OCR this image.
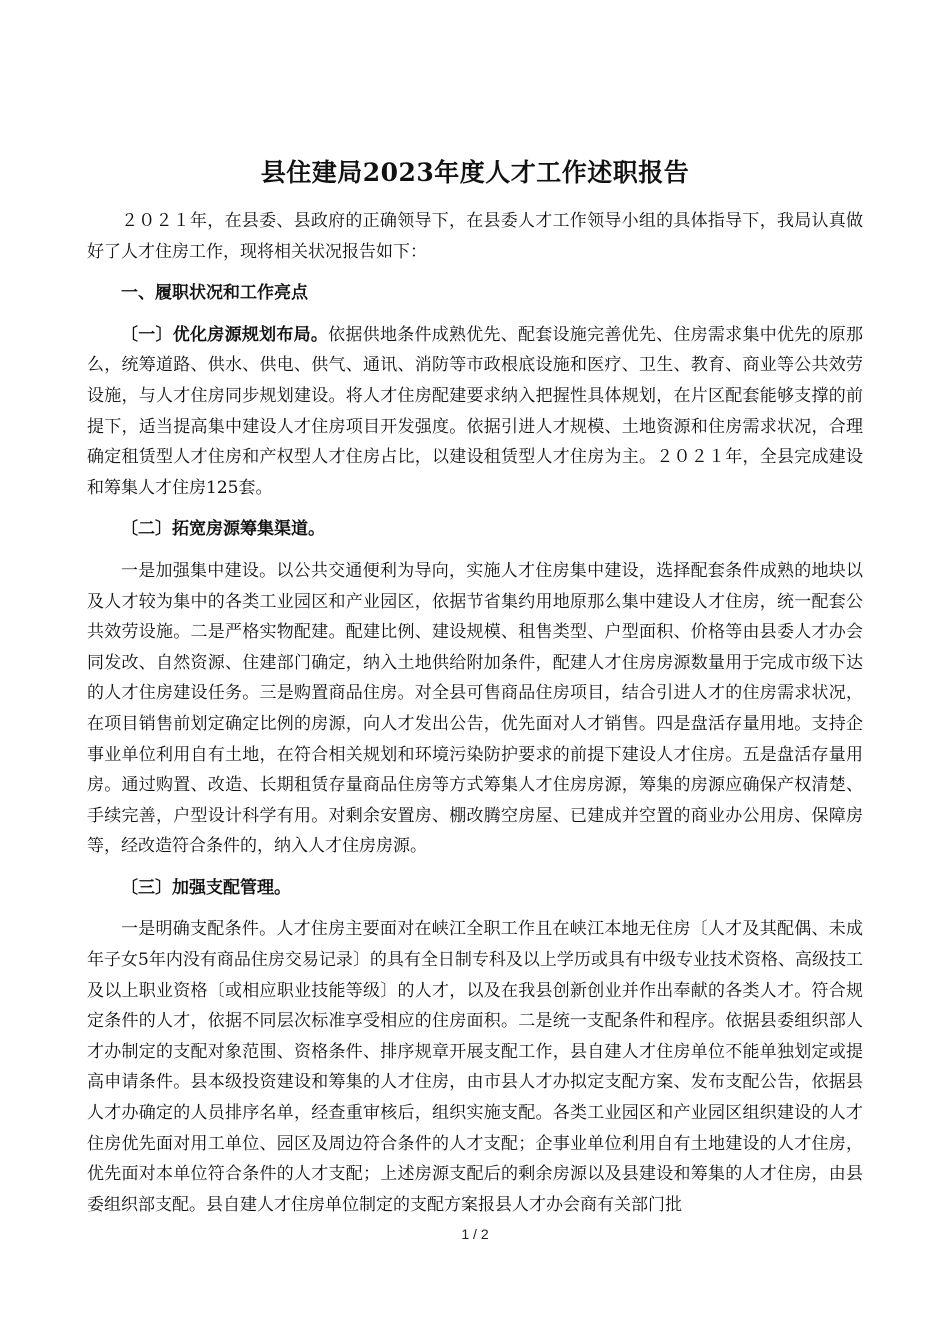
县住建局2023年度人才工作述职报告

２０２１年，在县委、县政府的正确领导下，在县委人才工作领导小组的具体指导下，我局认真做好了人才住房工作，现将相关状况报告如下：

一、履职状况和工作亮点

〔一〕优化房源规划布局。依据供地条件成熟优先、配套设施完善优先、住房需求集中优先的原那么，统筹道路、供水、供电、供气、通讯、消防等市政根底设施和医疗、卫生、教育、商业等公共效劳设施，与人才住房同步规划建设。将人才住房配建要求纳入把握性具体规划，在片区配套能够支撑的前提下，适当提高集中建设人才住房项目开发强度。依据引进人才规模、土地资源和住房需求状况，合理确定租赁型人才住房和产权型人才住房占比，以建设租赁型人才住房为主。２０２１年，全县完成建设和筹集人才住房125套。

〔二〕拓宽房源筹集渠道。

一是加强集中建设。以公共交通便利为导向，实施人才住房集中建设，选择配套条件成熟的地块以及人才较为集中的各类工业园区和产业园区，依据节省集约用地原那么集中建设人才住房，统一配套公共效劳设施。二是严格实物配建。配建比例、建设规模、租售类型、户型面积、价格等由县委人才办会同发改、自然资源、住建部门确定，纳入土地供给附加条件，配建人才住房房源数量用于完成市级下达的人才住房建设任务。三是购置商品住房。对全县可售商品住房项目，结合引进人才的住房需求状况，在项目销售前划定确定比例的房源，向人才发出公告，优先面对人才销售。四是盘活存量用地。支持企事业单位利用自有土地，在符合相关规划和环境污染防护要求的前提下建设人才住房。五是盘活存量用房。通过购置、改造、长期租赁存量商品住房等方式筹集人才住房房源，筹集的房源应确保产权清楚、手续完善，户型设计科学有用。对剩余安置房、棚改腾空房屋、已建成并空置的商业办公用房、保障房等，经改造符合条件的，纳入人才住房房源。

〔三〕加强支配管理。

一是明确支配条件。人才住房主要面对在峡江全职工作且在峡江本地无住房〔人才及其配偶、未成年子女5年内没有商品住房交易记录〕的具有全日制专科及以上学历或具有中级专业技术资格、高级技工及以上职业资格〔或相应职业技能等级〕的人才，以及在我县创新创业并作出奉献的各类人才。符合规定条件的人才，依据不同层次标准享受相应的住房面积。二是统一支配条件和程序。依据县委组织部人才办制定的支配对象范围、资格条件、排序规章开展支配工作，县自建人才住房单位不能单独划定或提高申请条件。县本级投资建设和筹集的人才住房，由市县人才办拟定支配方案、发布支配公告，依据县人才办确定的人员排序名单，经查重审核后，组织实施支配。各类工业园区和产业园区组织建设的人才住房优先面对用工单位、园区及周边符合条件的人才支配；企事业单位利用自有土地建设的人才住房，优先面对本单位符合条件的人才支配；上述房源支配后的剩余房源以及县建设和筹集的人才住房，由县委组织部支配。县自建人才住房单位制定的支配方案报县人才办会商有关部门批

1 / 2
